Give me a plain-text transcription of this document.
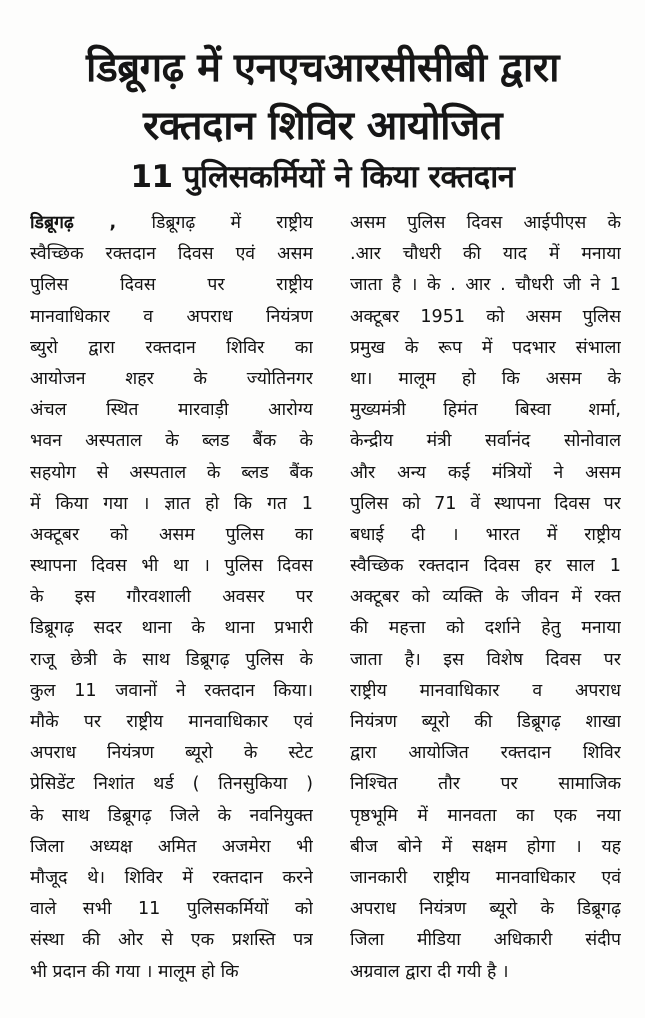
डिब्रूगढ़ में एनएचआरसीसीबी द्वारा
रक्तदान शिविर आयोजित
11 पुलिसकर्मियों ने किया रक्तदान
डिब्रूगढ़ , डिब्रूगढ़ में राष्ट्रीय
स्वैच्छिक रक्तदान दिवस एवं असम
पुलिस दिवस पर राष्ट्रीय
मानवाधिकार व अपराध नियंत्रण
ब्युरो द्वारा रक्तदान शिविर का
आयोजन शहर के ज्योतिनगर
अंचल स्थित मारवाड़ी आरोग्य
भवन अस्पताल के ब्लड बैंक के
सहयोग से अस्पताल के ब्लड बैंक
में किया गया । ज्ञात हो कि गत 1
अक्टूबर को असम पुलिस का
स्थापना दिवस भी था । पुलिस दिवस
के इस गौरवशाली अवसर पर
डिब्रूगढ़ सदर थाना के थाना प्रभारी
राजू छेत्री के साथ डिब्रूगढ़ पुलिस के
कुल 11 जवानों ने रक्तदान किया।
मौके पर राष्ट्रीय मानवाधिकार एवं
अपराध नियंत्रण ब्यूरो के स्टेट
प्रेसिडेंट निशांत थर्ड ( तिनसुकिया )
के साथ डिब्रूगढ़ जिले के नवनियुक्त
जिला अध्यक्ष अमित अजमेरा भी
मौजूद थे। शिविर में रक्तदान करने
वाले सभी 11 पुलिसकर्मियों को
संस्था की ओर से एक प्रशस्ति पत्र
भी प्रदान की गया । मालूम हो कि
असम पुलिस दिवस आईपीएस के
.आर चौधरी की याद में मनाया
जाता है । के . आर . चौधरी जी ने 1
अक्टूबर 1951 को असम पुलिस
प्रमुख के रूप में पदभार संभाला
था। मालूम हो कि असम के
मुख्यमंत्री हिमंत बिस्वा शर्मा,
केन्द्रीय मंत्री सर्वानंद सोनोवाल
और अन्य कई मंत्रियों ने असम
पुलिस को 71 वें स्थापना दिवस पर
बधाई दी । भारत में राष्ट्रीय
स्वैच्छिक रक्तदान दिवस हर साल 1
अक्टूबर को व्यक्ति के जीवन में रक्त
की महत्ता को दर्शाने हेतु मनाया
जाता है। इस विशेष दिवस पर
राष्ट्रीय मानवाधिकार व अपराध
नियंत्रण ब्यूरो की डिब्रूगढ़ शाखा
द्वारा आयोजित रक्तदान शिविर
निश्चित तौर पर सामाजिक
पृष्ठभूमि में मानवता का एक नया
बीज बोने में सक्षम होगा । यह
जानकारी राष्ट्रीय मानवाधिकार एवं
अपराध नियंत्रण ब्यूरो के डिब्रूगढ़
जिला मीडिया अधिकारी संदीप
अग्रवाल द्वारा दी गयी है ।
